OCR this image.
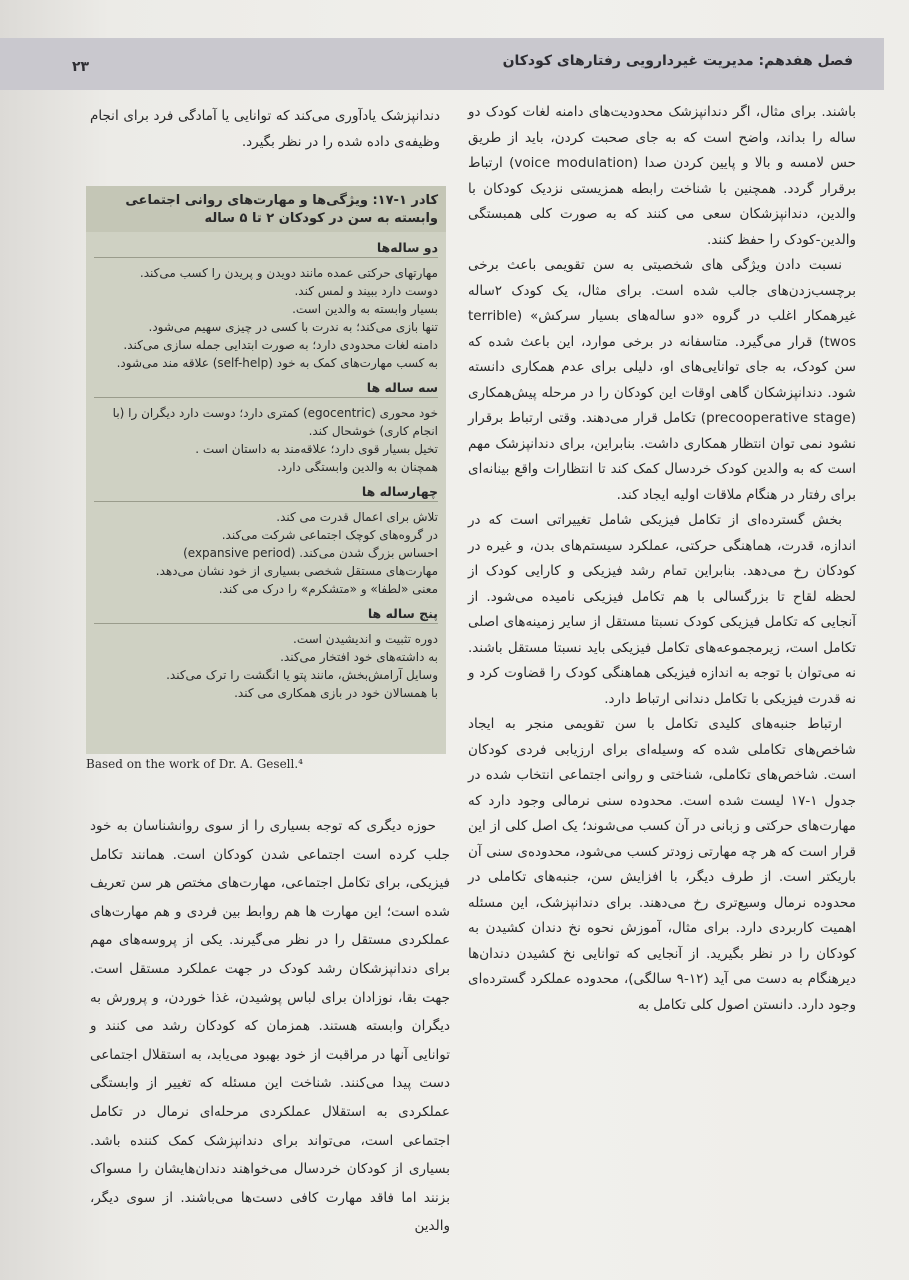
فصل هفدهم: مدیریت غیردارویی رفتارهای کودکان
۲۳

باشند. برای مثال، اگر دندانپزشک محدودیت‌های دامنه لغات کودک دو ساله را بداند، واضح است که به جای صحبت کردن، باید از طریق حس لامسه و بالا و پایین کردن صدا (voice modulation) ارتباط برقرار گردد. همچنین با شناخت رابطه همزیستی نزدیک کودکان با والدین، دندانپزشکان سعی می کنند که به صورت کلی همبستگی والدین-کودک را حفظ کنند.

نسبت دادن ویژگی های شخصیتی به سن تقویمی باعث برخی برچسب‌زدن‌های جالب شده است. برای مثال، یک کودک ۲ساله غیرهمکار اغلب در گروه «دو ساله‌های بسیار سرکش» (terrible twos) قرار می‌گیرد. متاسفانه در برخی موارد، این باعث شده که سن کودک، به جای توانایی‌های او، دلیلی برای عدم همکاری دانسته شود. دندانپزشکان گاهی اوقات این کودکان را در مرحله پیش‌همکاری (precooperative stage) تکامل قرار می‌دهند. وقتی ارتباط برقرار نشود نمی توان انتظار همکاری داشت. بنابراین، برای دندانپزشک مهم است که به والدین کودک خردسال کمک کند تا انتظارات واقع بینانه‌ای برای رفتار در هنگام ملاقات اولیه ایجاد کند.

بخش گسترده‌ای از تکامل فیزیکی شامل تغییراتی است که در اندازه، قدرت، هماهنگی حرکتی، عملکرد سیستم‌های بدن، و غیره در کودکان رخ می‌دهد. بنابراین تمام رشد فیزیکی و کارایی کودک از لحظه لقاح تا بزرگسالی با هم تکامل فیزیکی نامیده می‌شود. از آنجایی که تکامل فیزیکی کودک نسبتا مستقل از سایر زمینه‌های اصلی تکامل است، زیرمجموعه‌های تکامل فیزیکی باید نسبتا مستقل باشند. نه می‌توان با توجه به اندازه فیزیکی هماهنگی کودک را قضاوت کرد و نه قدرت فیزیکی با تکامل دندانی ارتباط دارد.

ارتباط جنبه‌های کلیدی تکامل با سن تقویمی منجر به ایجاد شاخص‌های تکاملی شده که وسیله‌ای برای ارزیابی فردی کودکان است. شاخص‌های تکاملی، شناختی و روانی اجتماعی انتخاب شده در جدول ۱-۱۷ لیست شده است. محدوده سنی نرمالی وجود دارد که مهارت‌های حرکتی و زبانی در آن کسب می‌شوند؛ یک اصل کلی از این قرار است که هر چه مهارتی زودتر کسب می‌شود، محدوده‌ی سنی آن باریکتر است. از طرف دیگر، با افزایش سن، جنبه‌های تکاملی در محدوده نرمال وسیع‌تری رخ می‌دهند. برای دندانپزشک، این مسئله اهمیت کاربردی دارد. برای مثال، آموزش نحوه نخ دندان کشیدن به کودکان را در نظر بگیرید. از آنجایی که توانایی نخ کشیدن دندان‌ها دیرهنگام به دست می آید (۱۲-۹ سالگی)، محدوده عملکرد گسترده‌ای وجود دارد. دانستن اصول کلی تکامل به

دندانپزشک یادآوری می‌کند که توانایی یا آمادگی فرد برای انجام وظیفه‌ی داده شده را در نظر بگیرد.

کادر ۱-۱۷: ویژگی‌ها و مهارت‌های روانی اجتماعی وابسته به سن در کودکان ۲ تا ۵ ساله
دو ساله‌ها
مهارتهای حرکتی عمده مانند دویدن و پریدن را کسب می‌کند.
دوست دارد ببیند و لمس کند.
بسیار وابسته به والدین است.
تنها بازی می‌کند؛ به ندرت با کسی در چیزی سهیم می‌شود.
دامنه لغات محدودی دارد؛ به صورت ابتدایی جمله سازی می‌کند.
به کسب مهارت‌های کمک به خود (self-help) علاقه مند می‌شود.
سه ساله ها
خود محوری (egocentric) کمتری دارد؛ دوست دارد دیگران را (با
انجام کاری) خوشحال کند.
تخیل بسیار قوی دارد؛ علاقه‌مند به داستان است .
همچنان به والدین وابستگی دارد.
چهارساله ها
تلاش برای اعمال قدرت می کند.
در گروه‌های کوچک اجتماعی شرکت می‌کند.
احساس بزرگ شدن می‌کند. (expansive period)
مهارت‌های مستقل شخصی بسیاری از خود نشان می‌دهد.
معنی «لطفا» و «متشکرم» را درک می کند.
پنج ساله ها
دوره تثبیت و اندیشیدن است.
به داشته‌های خود افتخار می‌کند.
وسایل آرامش‌بخش، مانند پتو یا انگشت را ترک می‌کند.
با همسالان خود در بازی همکاری می کند.
Based on the work of Dr. A. Gesell.⁴

حوزه دیگری که توجه بسیاری را از سوی روانشناسان به خود جلب کرده است اجتماعی شدن کودکان است. همانند تکامل فیزیکی، برای تکامل اجتماعی، مهارت‌های مختص هر سن تعریف شده است؛ این مهارت ها هم روابط بین فردی و هم مهارت‌های عملکردی مستقل را در نظر می‌گیرند. یکی از پروسه‌های مهم برای دندانپزشکان رشد کودک در جهت عملکرد مستقل است. جهت بقا، نوزادان برای لباس پوشیدن، غذا خوردن، و پرورش به دیگران وابسته هستند. همزمان که کودکان رشد می کنند و توانایی آنها در مراقبت از خود بهبود می‌یابد، به استقلال اجتماعی دست پیدا می‌کنند. شناخت این مسئله که تغییر از وابستگی عملکردی به استقلال عملکردی مرحله‌ای نرمال در تکامل اجتماعی است، می‌تواند برای دندانپزشک کمک کننده باشد. بسیاری از کودکان خردسال می‌خواهند دندان‌هایشان را مسواک بزنند اما فاقد مهارت کافی دست‌ها می‌باشند. از سوی دیگر، والدین
